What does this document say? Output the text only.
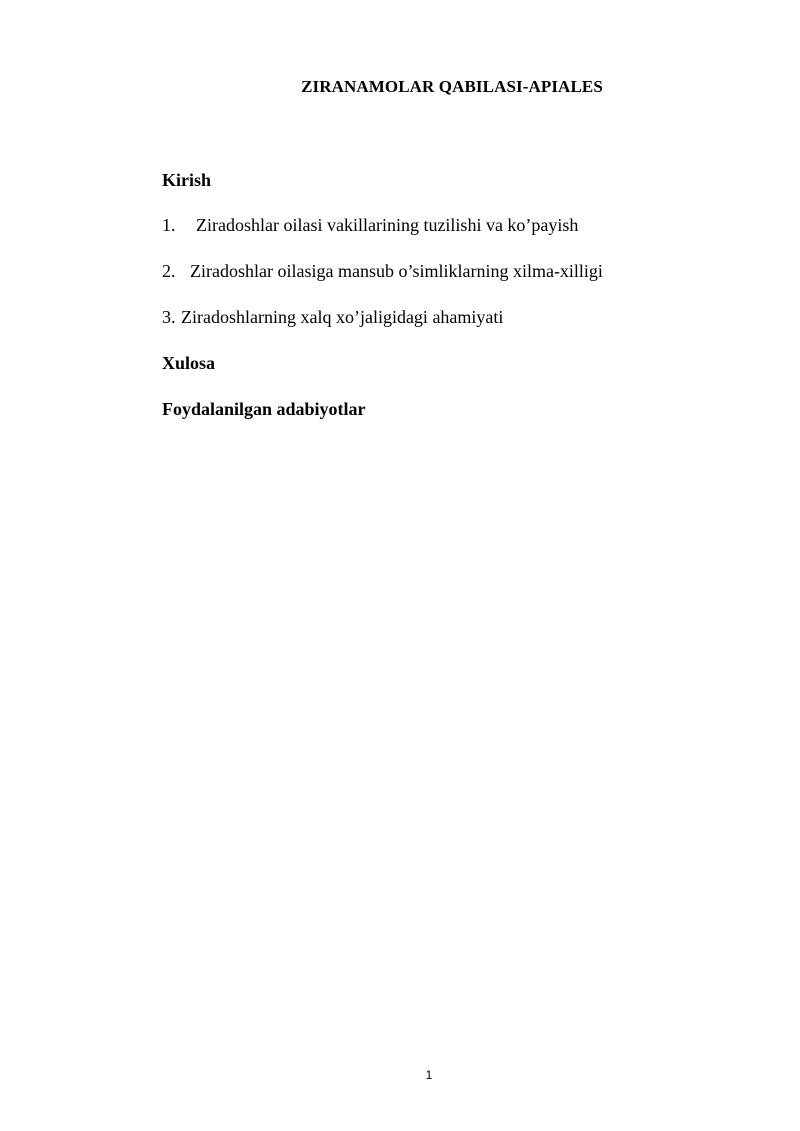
ZIRANAMOLAR QABILASI-APIALES
Kirish
1. Ziradoshlar oilasi vakillarining tuzilishi va ko’payish
2. Ziradoshlar oilasiga mansub o’simliklarning xilma-xilligi
3. Ziradoshlarning xalq xo’jaligidagi ahamiyati
Xulosa
Foydalanilgan adabiyotlar
1
